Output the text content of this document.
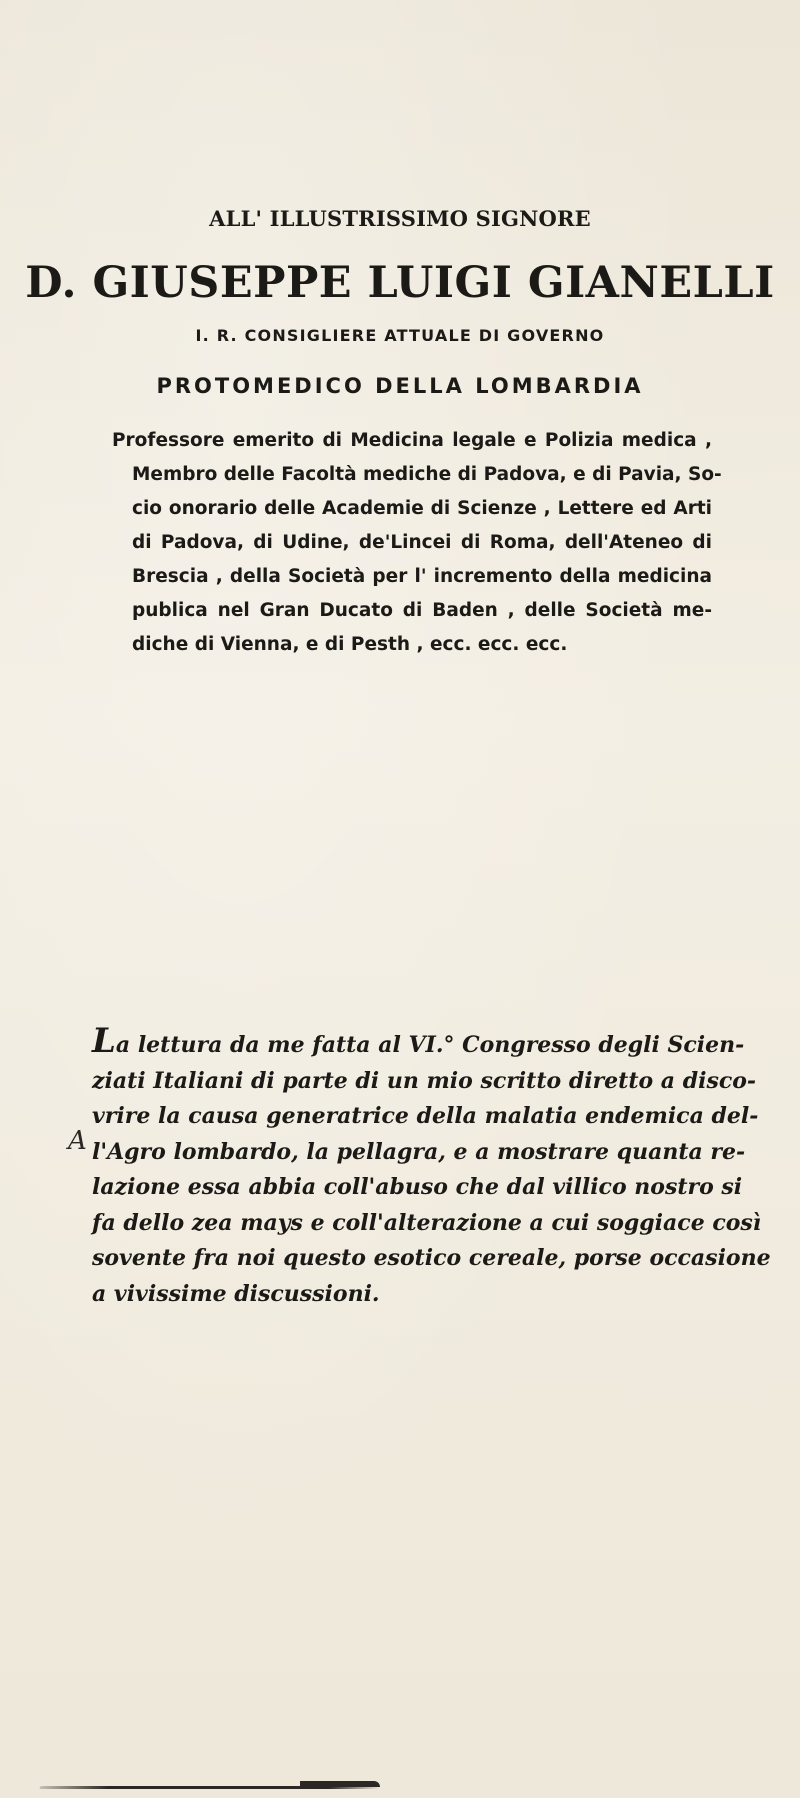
ALL' ILLUSTRISSIMO SIGNORE
D. GIUSEPPE LUIGI GIANELLI
I. R. CONSIGLIERE ATTUALE DI GOVERNO
PROTOMEDICO DELLA LOMBARDIA
Professore emerito di Medicina legale e Polizia medica ,
Membro delle Facoltà mediche di Padova, e di Pavia, So-
cio onorario delle Academie di Scienze , Lettere ed Arti
di Padova, di Udine, de'Lincei di Roma, dell'Ateneo di
Brescia , della Società per l' incremento della medicina
publica nel Gran Ducato di Baden , delle Società me-
diche di Vienna, e di Pesth , ecc. ecc. ecc.
A
La lettura da me fatta al VI.° Congresso degli Scien-
ziati Italiani di parte di un mio scritto diretto a disco-
vrire la causa generatrice della malatia endemica del-
l'Agro lombardo, la pellagra, e a mostrare quanta re-
lazione essa abbia coll'abuso che dal villico nostro si
fa dello zea mays e coll'alterazione a cui soggiace così
sovente fra noi questo esotico cereale, porse occasione
a vivissime discussioni.
